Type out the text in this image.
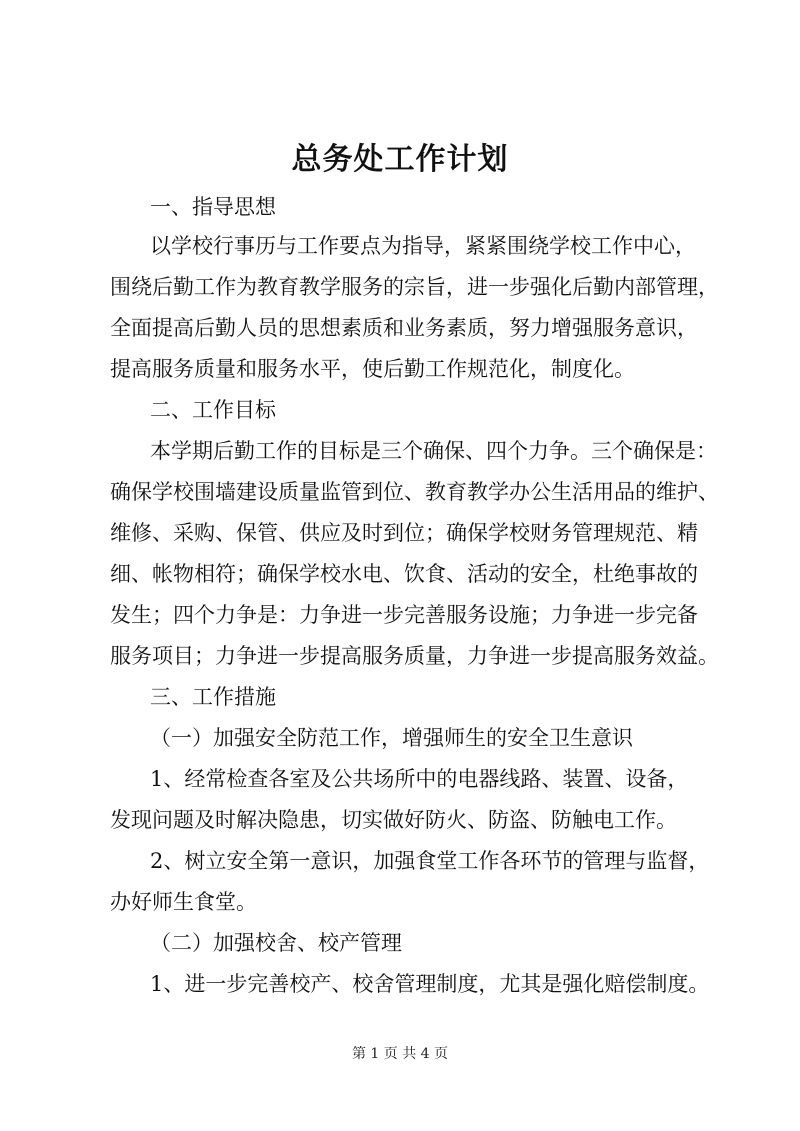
总务处工作计划
一、指导思想
以学校行事历与工作要点为指导，紧紧围绕学校工作中心，
围绕后勤工作为教育教学服务的宗旨，进一步强化后勤内部管理，
全面提高后勤人员的思想素质和业务素质，努力增强服务意识，
提高服务质量和服务水平，使后勤工作规范化，制度化。
二、工作目标
本学期后勤工作的目标是三个确保、四个力争。三个确保是：
确保学校围墙建设质量监管到位、教育教学办公生活用品的维护、
维修、采购、保管、供应及时到位；确保学校财务管理规范、精
细、帐物相符；确保学校水电、饮食、活动的安全，杜绝事故的
发生；四个力争是：力争进一步完善服务设施；力争进一步完备
服务项目；力争进一步提高服务质量，力争进一步提高服务效益。
三、工作措施
（一）加强安全防范工作，增强师生的安全卫生意识
1、经常检查各室及公共场所中的电器线路、装置、设备，
发现问题及时解决隐患，切实做好防火、防盗、防触电工作。
2、树立安全第一意识，加强食堂工作各环节的管理与监督，
办好师生食堂。
（二）加强校舍、校产管理
1、进一步完善校产、校舍管理制度，尤其是强化赔偿制度。
第 1 页 共 4 页
